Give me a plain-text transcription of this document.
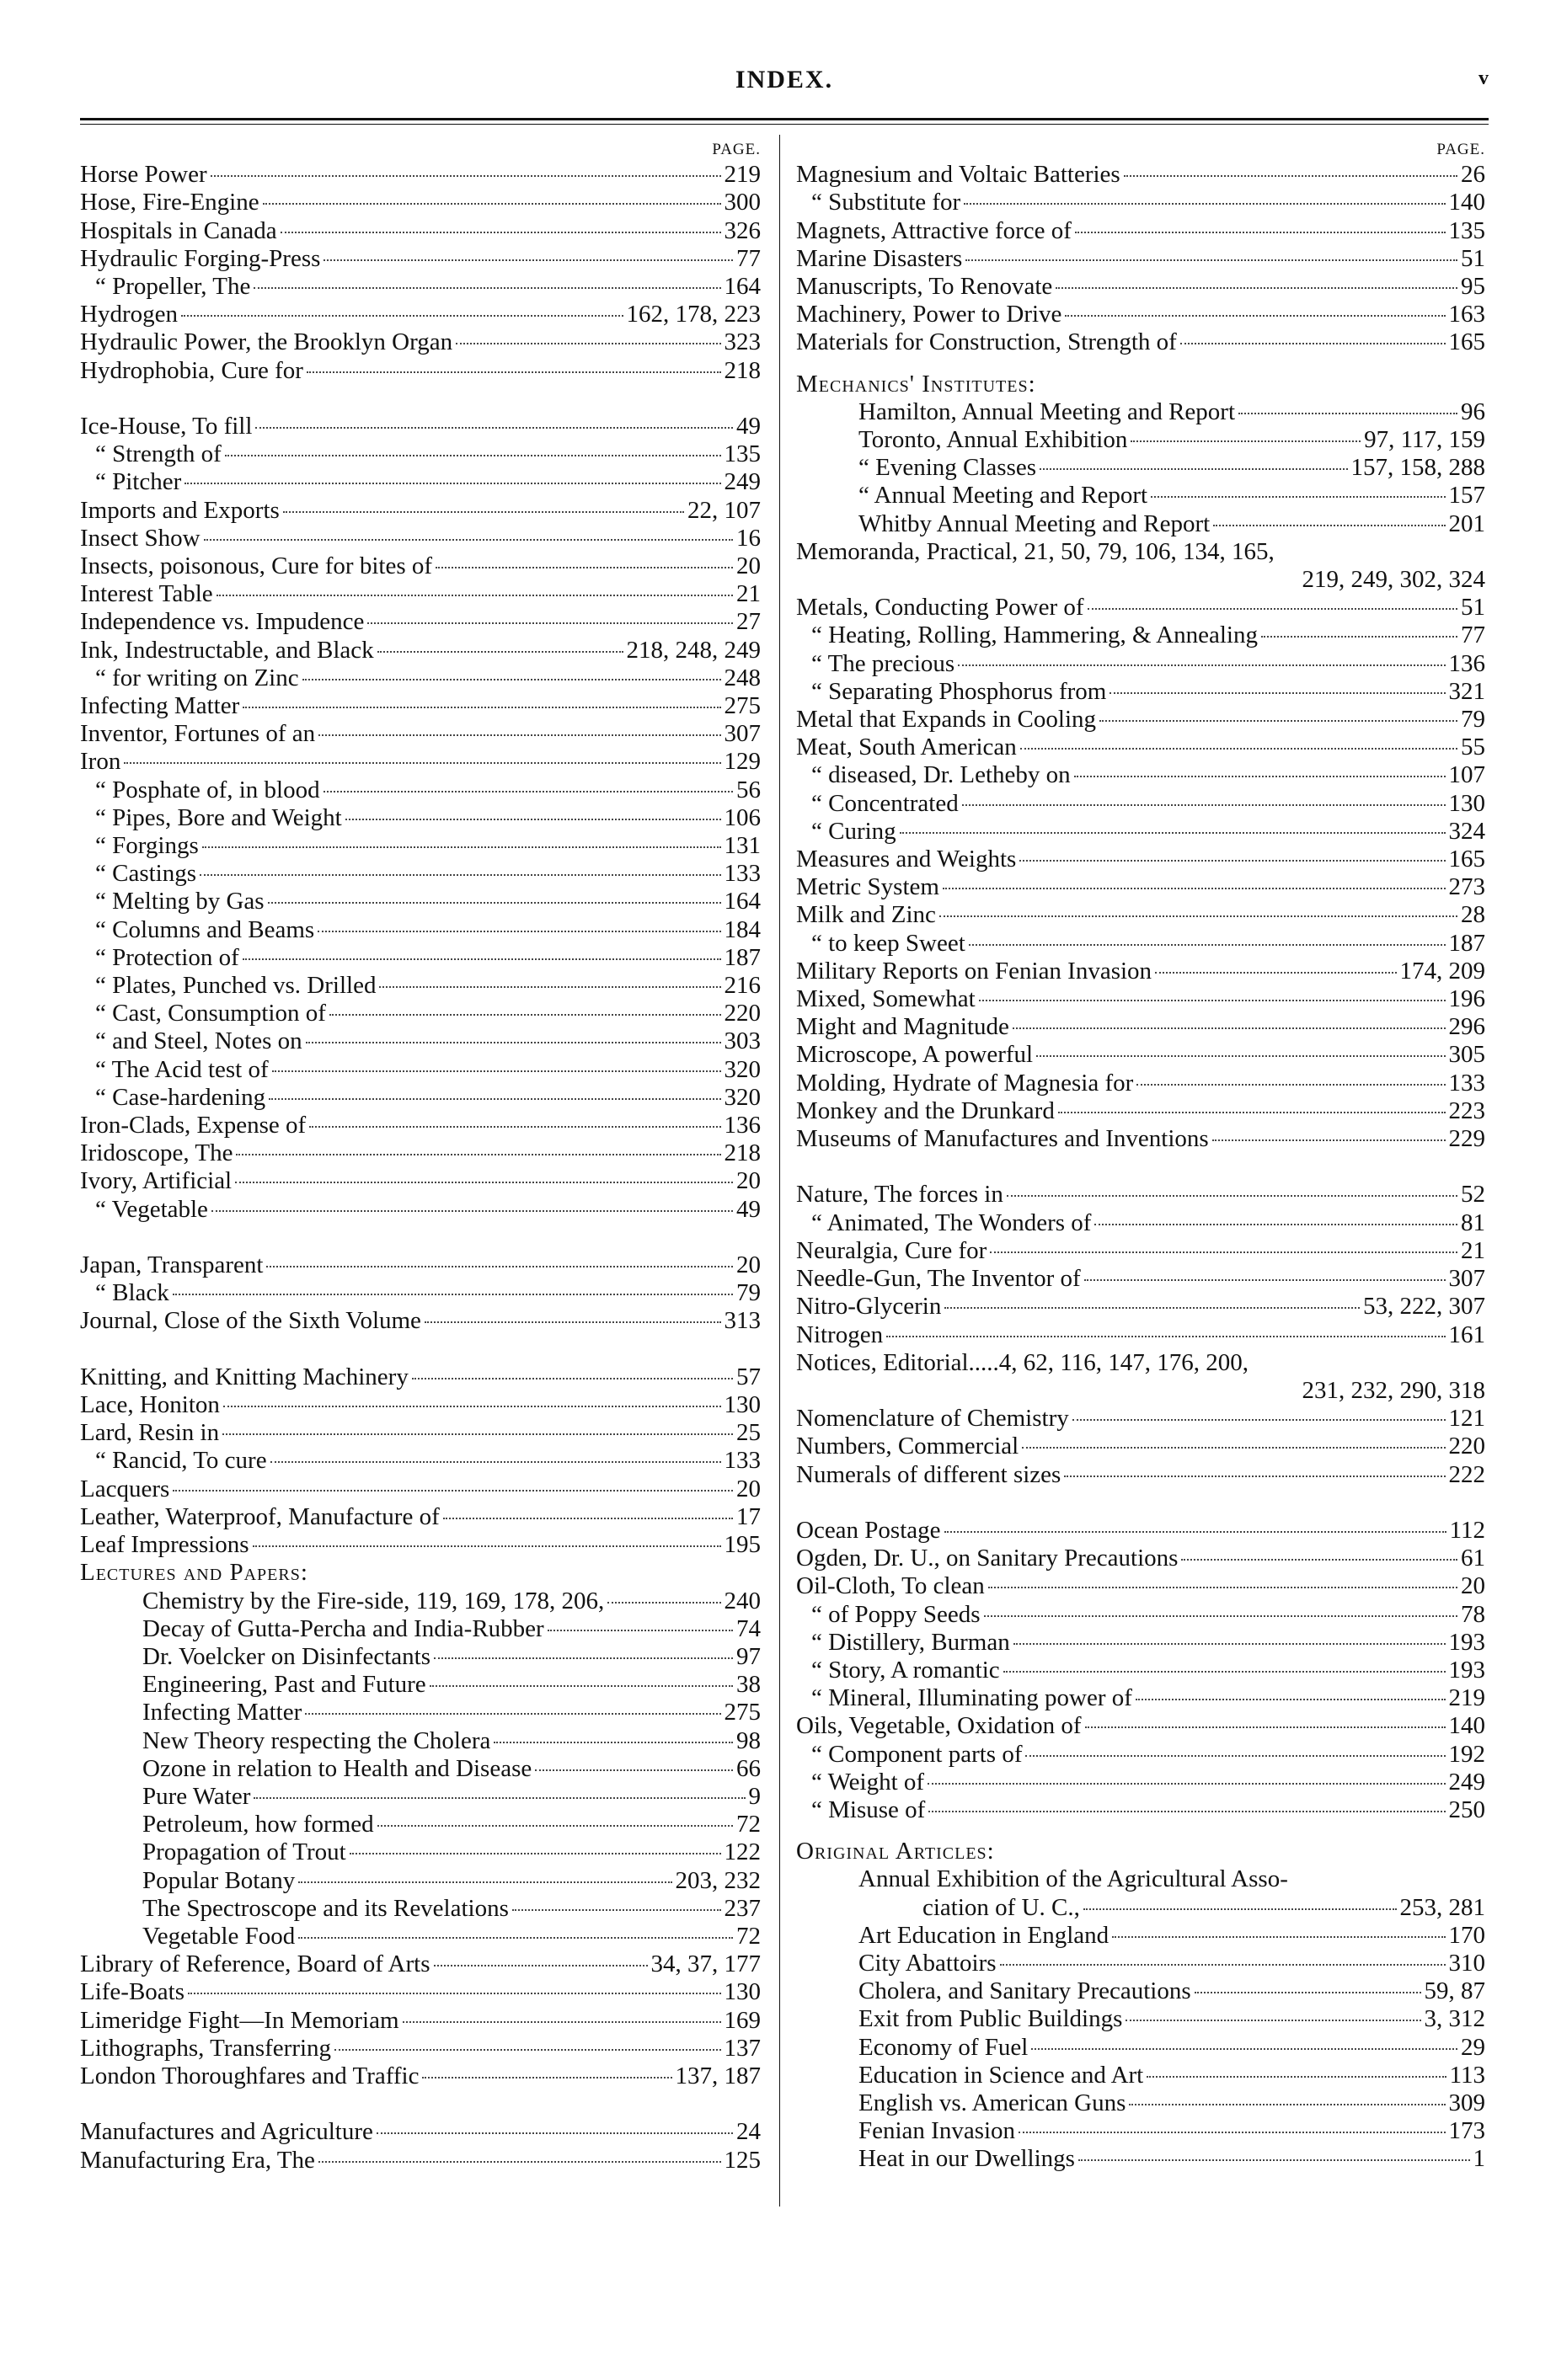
INDEX.	v
PAGE.
Horse Power	219
Hose, Fire-Engine	300
Hospitals in Canada	326
Hydraulic Forging-Press	77
“ Propeller, The	164
Hydrogen	162, 178, 223
Hydraulic Power, the Brooklyn Organ	323
Hydrophobia, Cure for	218
Ice-House, To fill	49
“ Strength of	135
“ Pitcher	249
Imports and Exports	22, 107
Insect Show	16
Insects, poisonous, Cure for bites of	20
Interest Table	21
Independence vs. Impudence	27
Ink, Indestructable, and Black	218, 248, 249
“ for writing on Zinc	248
Infecting Matter	275
Inventor, Fortunes of an	307
Iron	129
“ Posphate of, in blood	56
“ Pipes, Bore and Weight	106
“ Forgings	131
“ Castings	133
“ Melting by Gas	164
“ Columns and Beams	184
“ Protection of	187
“ Plates, Punched vs. Drilled	216
“ Cast, Consumption of	220
“ and Steel, Notes on	303
“ The Acid test of	320
“ Case-hardening	320
Iron-Clads, Expense of	136
Iridoscope, The	218
Ivory, Artificial	20
“ Vegetable	49
Japan, Transparent	20
“ Black	79
Journal, Close of the Sixth Volume	313
Knitting, and Knitting Machinery	57
Lace, Honiton	130
Lard, Resin in	25
“ Rancid, To cure	133
Lacquers	20
Leather, Waterproof, Manufacture of	17
Leaf Impressions	195
Lectures and Papers:
Chemistry by the Fire-side, 119, 169, 178, 206,	240
Decay of Gutta-Percha and India-Rubber	74
Dr. Voelcker on Disinfectants	97
Engineering, Past and Future	38
Infecting Matter	275
New Theory respecting the Cholera	98
Ozone in relation to Health and Disease	66
Pure Water	9
Petroleum, how formed	72
Propagation of Trout	122
Popular Botany	203, 232
The Spectroscope and its Revelations	237
Vegetable Food	72
Library of Reference, Board of Arts	34, 37, 177
Life-Boats	130
Limeridge Fight—In Memoriam	169
Lithographs, Transferring	137
London Thoroughfares and Traffic	137, 187
Manufactures and Agriculture	24
Manufacturing Era, The	125
PAGE.
Magnesium and Voltaic Batteries	26
“ Substitute for	140
Magnets, Attractive force of	135
Marine Disasters	51
Manuscripts, To Renovate	95
Machinery, Power to Drive	163
Materials for Construction, Strength of	165
Mechanics' Institutes:
Hamilton, Annual Meeting and Report	96
Toronto, Annual Exhibition	97, 117, 159
“ Evening Classes	157, 158, 288
“ Annual Meeting and Report	157
Whitby Annual Meeting and Report	201
Memoranda, Practical, 21, 50, 79, 106, 134, 165,
219, 249, 302, 324
Metals, Conducting Power of	51
“ Heating, Rolling, Hammering, & Annealing	77
“ The precious	136
“ Separating Phosphorus from	321
Metal that Expands in Cooling	79
Meat, South American	55
“ diseased, Dr. Letheby on	107
“ Concentrated	130
“ Curing	324
Measures and Weights	165
Metric System	273
Milk and Zinc	28
“ to keep Sweet	187
Military Reports on Fenian Invasion	174, 209
Mixed, Somewhat	196
Might and Magnitude	296
Microscope, A powerful	305
Molding, Hydrate of Magnesia for	133
Monkey and the Drunkard	223
Museums of Manufactures and Inventions	229
Nature, The forces in	52
“ Animated, The Wonders of	81
Neuralgia, Cure for	21
Needle-Gun, The Inventor of	307
Nitro-Glycerin	53, 222, 307
Nitrogen	161
Notices, Editorial.....4, 62, 116, 147, 176, 200,
231, 232, 290, 318
Nomenclature of Chemistry	121
Numbers, Commercial	220
Numerals of different sizes	222
Ocean Postage	112
Ogden, Dr. U., on Sanitary Precautions	61
Oil-Cloth, To clean	20
“ of Poppy Seeds	78
“ Distillery, Burman	193
“ Story, A romantic	193
“ Mineral, Illuminating power of	219
Oils, Vegetable, Oxidation of	140
“ Component parts of	192
“ Weight of	249
“ Misuse of	250
Original Articles:
Annual Exhibition of the Agricultural Asso-
ciation of U. C.,	253, 281
Art Education in England	170
City Abattoirs	310
Cholera, and Sanitary Precautions	59, 87
Exit from Public Buildings	3, 312
Economy of Fuel	29
Education in Science and Art	113
English vs. American Guns	309
Fenian Invasion	173
Heat in our Dwellings	1
